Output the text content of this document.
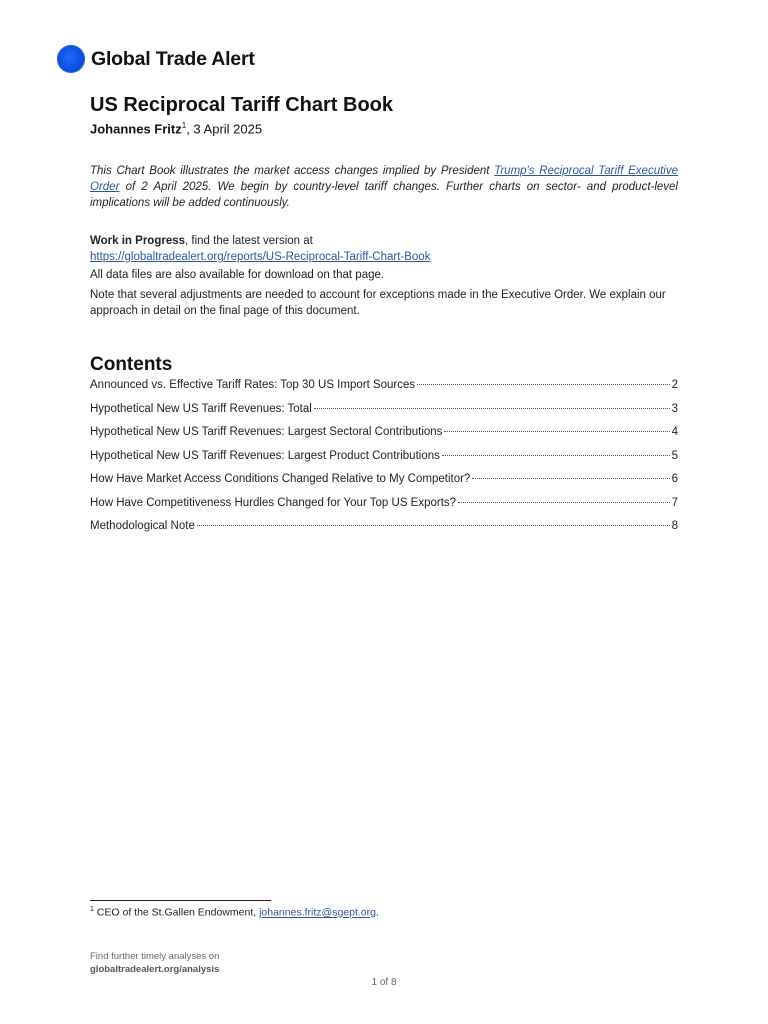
Global Trade Alert
US Reciprocal Tariff Chart Book
Johannes Fritz$^1$, 3 April 2025
This Chart Book illustrates the market access changes implied by President Trump's Reciprocal Tariff Executive Order of 2 April 2025. We begin by country-level tariff changes. Further charts on sector- and product-level implications will be added continuously.
Work in Progress, find the latest version at
https://globaltradealert.org/reports/US-Reciprocal-Tariff-Chart-Book
All data files are also available for download on that page.
Note that several adjustments are needed to account for exceptions made in the Executive Order. We explain our approach in detail on the final page of this document.
Contents
Announced vs. Effective Tariff Rates: Top 30 US Import Sources	2
Hypothetical New US Tariff Revenues: Total	3
Hypothetical New US Tariff Revenues: Largest Sectoral Contributions	4
Hypothetical New US Tariff Revenues: Largest Product Contributions	5
How Have Market Access Conditions Changed Relative to My Competitor?	6
How Have Competitiveness Hurdles Changed for Your Top US Exports?	7
Methodological Note	8
$^1$ CEO of the St.Gallen Endowment, johannes.fritz@sgept.org.
Find further timely analyses on
globaltradealert.org/analysis
1 of 8
